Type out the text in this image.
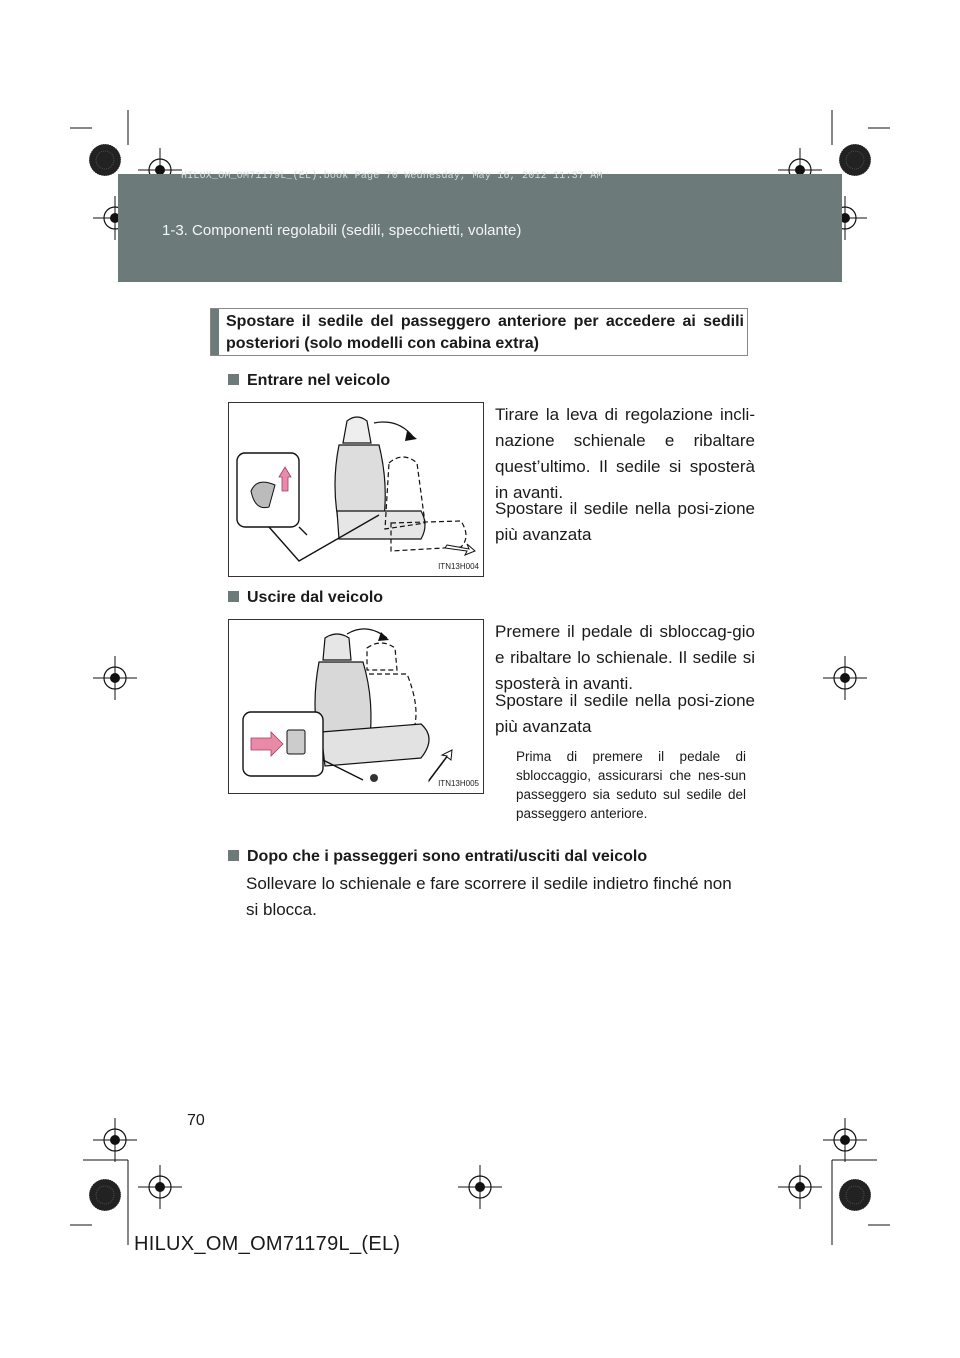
HILUX_OM_OM71179L_(EL).book Page 70 Wednesday, May 16, 2012 11:37 AM
1-3. Componenti regolabili (sedili, specchietti, volante)
Spostare il sedile del passeggero anteriore per accedere ai sedili
posteriori (solo modelli con cabina extra)
Entrare nel veicolo
ITN13H004
Tirare la leva di regolazione incli-nazione schienale e ribaltare quest’ultimo. Il sedile si sposterà in avanti.
Spostare il sedile nella posi-zione più avanzata
Uscire dal veicolo
ITN13H005
Premere il pedale di sbloccag-gio e ribaltare lo schienale. Il sedile si sposterà in avanti.
Spostare il sedile nella posi-zione più avanzata
Prima di premere il pedale di sbloccaggio, assicurarsi che nes-sun passeggero sia seduto sul sedile del passeggero anteriore.
Dopo che i passeggeri sono entrati/usciti dal veicolo
Sollevare lo schienale e fare scorrere il sedile indietro finché non si blocca.
70
HILUX_OM_OM71179L_(EL)
